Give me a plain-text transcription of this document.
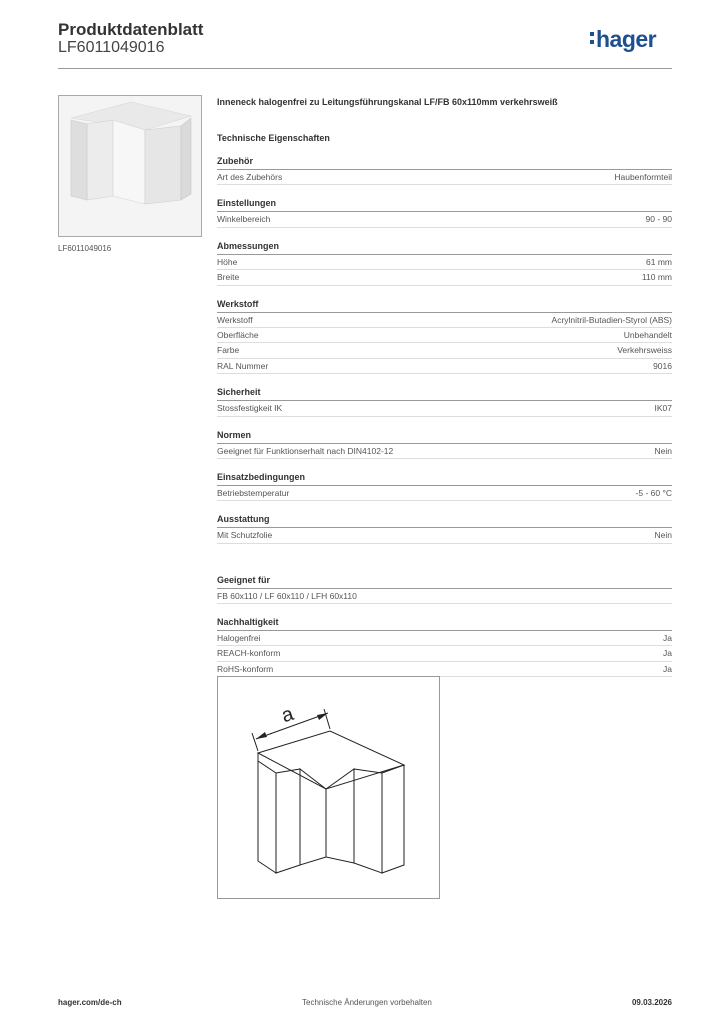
Produktdatenblatt
LF6011049016	hager
LF6011049016
Inneneck halogenfrei zu Leitungsführungskanal LF/FB 60x110mm verkehrsweiß
Technische Eigenschaften
Zubehör
Art des Zubehörs	Haubenformteil
Einstellungen
Winkelbereich	90 - 90
Abmessungen
Höhe	61 mm
Breite	110 mm
Werkstoff
Werkstoff	Acrylnitril-Butadien-Styrol (ABS)
Oberfläche	Unbehandelt
Farbe	Verkehrsweiss
RAL Nummer	9016
Sicherheit
Stossfestigkeit IK	IK07
Normen
Geeignet für Funktionserhalt nach DIN4102-12	Nein
Einsatzbedingungen
Betriebstemperatur	-5 - 60 °C
Ausstattung
Mit Schutzfolie	Nein
Geeignet für
FB 60x110 / LF 60x110 / LFH 60x110
Nachhaltigkeit
Halogenfrei	Ja
REACH-konform	Ja
RoHS-konform	Ja
a
hager.com/de-ch	Technische Änderungen vorbehalten	09.03.2026
